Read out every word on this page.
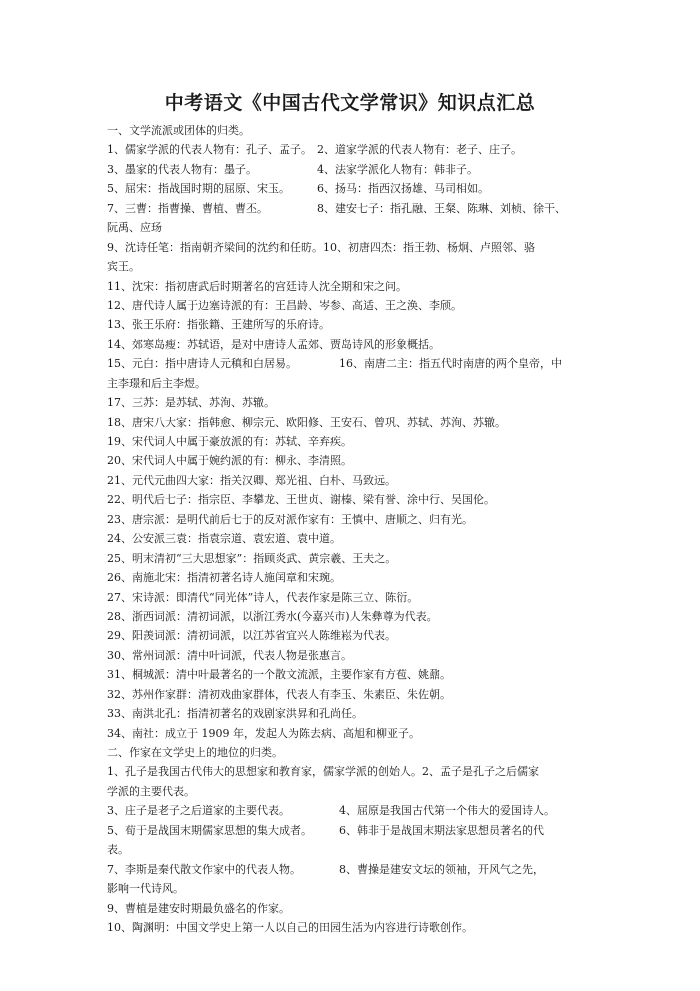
中考语文《中国古代文学常识》知识点汇总
一、文学流派或团体的归类。
1、儒家学派的代表人物有：孔子、孟子。 2、道家学派的代表人物有：老子、庄子。
3、墨家的代表人物有：墨子。	4、法家学派化人物有：韩非子。
5、屈宋：指战国时期的屈原、宋玉。 6、扬马：指西汉扬雄、马司相如。
7、三曹：指曹操、曹植、曹丕。	8、建安七子：指孔融、王粲、陈琳、刘桢、徐干、
阮禹、应玚
9、沈诗任笔：指南朝齐梁间的沈约和任昉。10、初唐四杰：指王勃、杨炯、卢照邻、骆
宾王。
11、沈宋：指初唐武后时期著名的宫廷诗人沈全期和宋之问。
12、唐代诗人属于边塞诗派的有：王昌龄、岑参、高适、王之涣、李颀。
13、张王乐府：指张籍、王建所写的乐府诗。
14、郊寒岛瘦：苏轼语，是对中唐诗人孟郊、贾岛诗风的形象概括。
15、元白：指中唐诗人元稹和白居易。	16、南唐二主：指五代时南唐的两个皇帝，中
主李璟和后主李煜。
17、三苏：是苏轼、苏洵、苏辙。
18、唐宋八大家：指韩愈、柳宗元、欧阳修、王安石、曾巩、苏轼、苏洵、苏辙。
19、宋代词人中属于豪放派的有：苏轼、辛弃疾。
20、宋代词人中属于婉约派的有：柳永、李清照。
21、元代元曲四大家：指关汉卿、郑光祖、白朴、马致远。
22、明代后七子：指宗臣、李攀龙、王世贞、谢榛、梁有誉、涂中行、吴国伦。
23、唐宗派：是明代前后七于的反对派作家有：王慎中、唐顺之、归有光。
24、公安派三袁：指袁宗道、袁宏道、袁中道。
25、明末清初“三大思想家”：指顾炎武、黄宗羲、王夫之。
26、南施北宋：指清初著名诗人施闰章和宋琬。
27、宋诗派：即清代“同光体”诗人，代表作家是陈三立、陈衍。
28、浙西词派：清初词派，以浙江秀水(今嘉兴市)人朱彝尊为代表。
29、阳羡词派：清初词派，以江苏省宜兴人陈维崧为代表。
30、常州词派：清中叶词派，代表人物是张惠言。
31、桐城派：清中叶最著名的一个散文流派，主要作家有方苞、姚鼐。
32、苏州作家群：清初戏曲家群体，代表人有李玉、朱素臣、朱佐朝。
33、南洪北孔：指清初著名的戏剧家洪昇和孔尚任。
34、南社：成立于 1909 年，发起人为陈去病、高旭和柳亚子。
二、作家在文学史上的地位的归类。
1、孔子是我国古代伟大的思想家和教育家，儒家学派的创始人。2、孟子是孔子之后儒家
学派的主要代表。
3、庄子是老子之后道家的主要代表。	4、屈原是我国古代第一个伟大的爱国诗人。
5、荀于是战国末期儒家思想的集大成者。 6、韩非于是战国末期法家思想员著名的代
表。
7、李斯是秦代散文作家中的代表人物。	8、曹操是建安文坛的领袖，开风气之先，
影响一代诗风。
9、曹植是建安时期最负盛名的作家。
10、陶渊明：中国文学史上第一人以自己的田园生活为内容进行诗歌创作。
